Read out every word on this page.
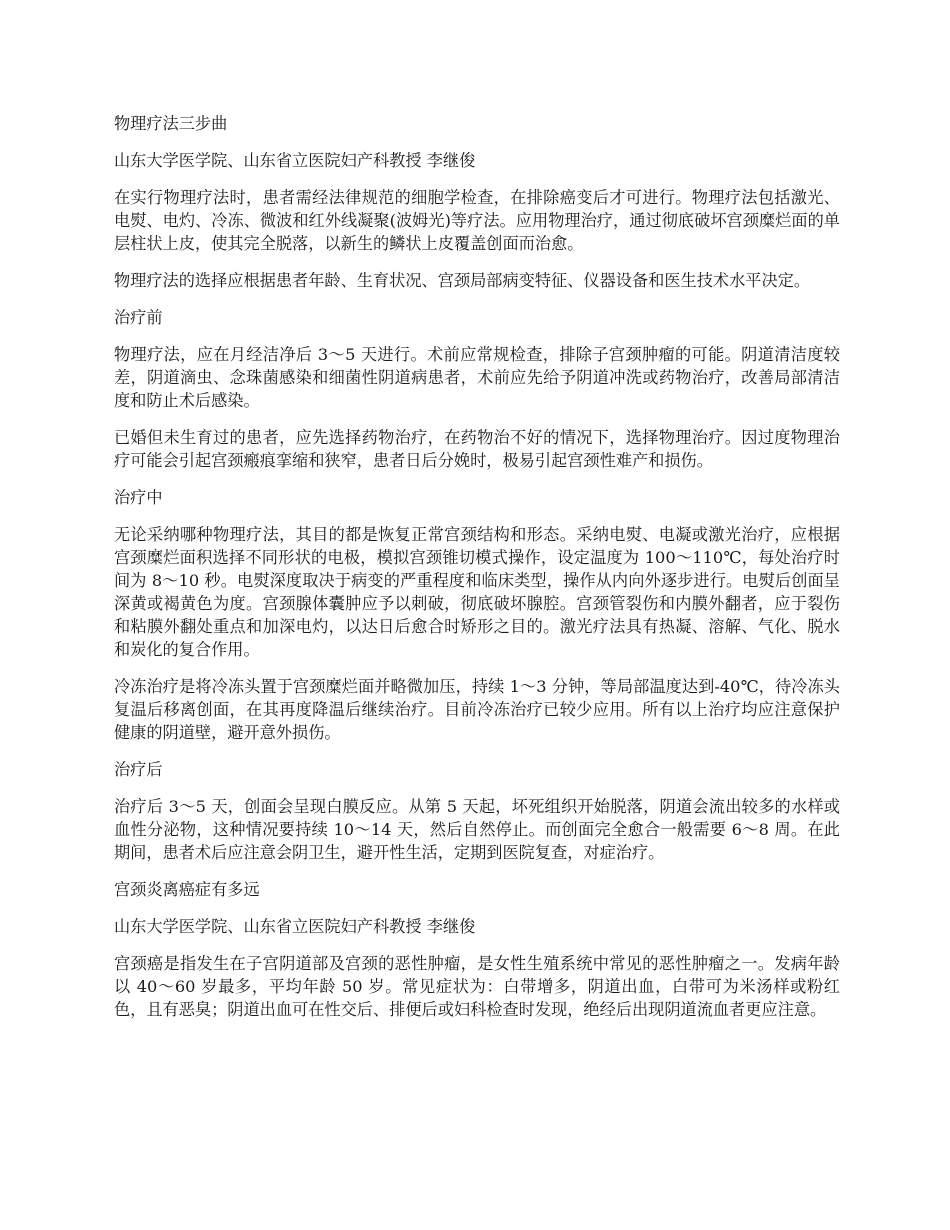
物理疗法三步曲

山东大学医学院、山东省立医院妇产科教授 李继俊

在实行物理疗法时，患者需经法律规范的细胞学检查，在排除癌变后才可进行。物理疗法包括激光、电熨、电灼、冷冻、微波和红外线凝聚(波姆光)等疗法。应用物理治疗，通过彻底破坏宫颈糜烂面的单层柱状上皮，使其完全脱落，以新生的鳞状上皮覆盖创面而治愈。

物理疗法的选择应根据患者年龄、生育状况、宫颈局部病变特征、仪器设备和医生技术水平决定。

治疗前

物理疗法，应在月经洁净后 3～5 天进行。术前应常规检查，排除子宫颈肿瘤的可能。阴道清洁度较差，阴道滴虫、念珠菌感染和细菌性阴道病患者，术前应先给予阴道冲洗或药物治疗，改善局部清洁度和防止术后感染。

已婚但未生育过的患者，应先选择药物治疗，在药物治不好的情况下，选择物理治疗。因过度物理治疗可能会引起宫颈瘢痕挛缩和狭窄，患者日后分娩时，极易引起宫颈性难产和损伤。

治疗中

无论采纳哪种物理疗法，其目的都是恢复正常宫颈结构和形态。采纳电熨、电凝或激光治疗，应根据宫颈糜烂面积选择不同形状的电极，模拟宫颈锥切模式操作，设定温度为 100～110℃，每处治疗时间为 8～10 秒。电熨深度取决于病变的严重程度和临床类型，操作从内向外逐步进行。电熨后创面呈深黄或褐黄色为度。宫颈腺体囊肿应予以刺破，彻底破坏腺腔。宫颈管裂伤和内膜外翻者，应于裂伤和粘膜外翻处重点和加深电灼，以达日后愈合时矫形之目的。激光疗法具有热凝、溶解、气化、脱水和炭化的复合作用。

冷冻治疗是将冷冻头置于宫颈糜烂面并略微加压，持续 1～3 分钟，等局部温度达到-40℃，待冷冻头复温后移离创面，在其再度降温后继续治疗。目前冷冻治疗已较少应用。所有以上治疗均应注意保护健康的阴道壁，避开意外损伤。

治疗后

治疗后 3～5 天，创面会呈现白膜反应。从第 5 天起，坏死组织开始脱落，阴道会流出较多的水样或血性分泌物，这种情况要持续 10～14 天，然后自然停止。而创面完全愈合一般需要 6～8 周。在此期间，患者术后应注意会阴卫生，避开性生活，定期到医院复查，对症治疗。

宫颈炎离癌症有多远

山东大学医学院、山东省立医院妇产科教授 李继俊

宫颈癌是指发生在子宫阴道部及宫颈的恶性肿瘤，是女性生殖系统中常见的恶性肿瘤之一。发病年龄以 40～60 岁最多，平均年龄 50 岁。常见症状为：白带增多，阴道出血，白带可为米汤样或粉红色，且有恶臭；阴道出血可在性交后、排便后或妇科检查时发现，绝经后出现阴道流血者更应注意。
